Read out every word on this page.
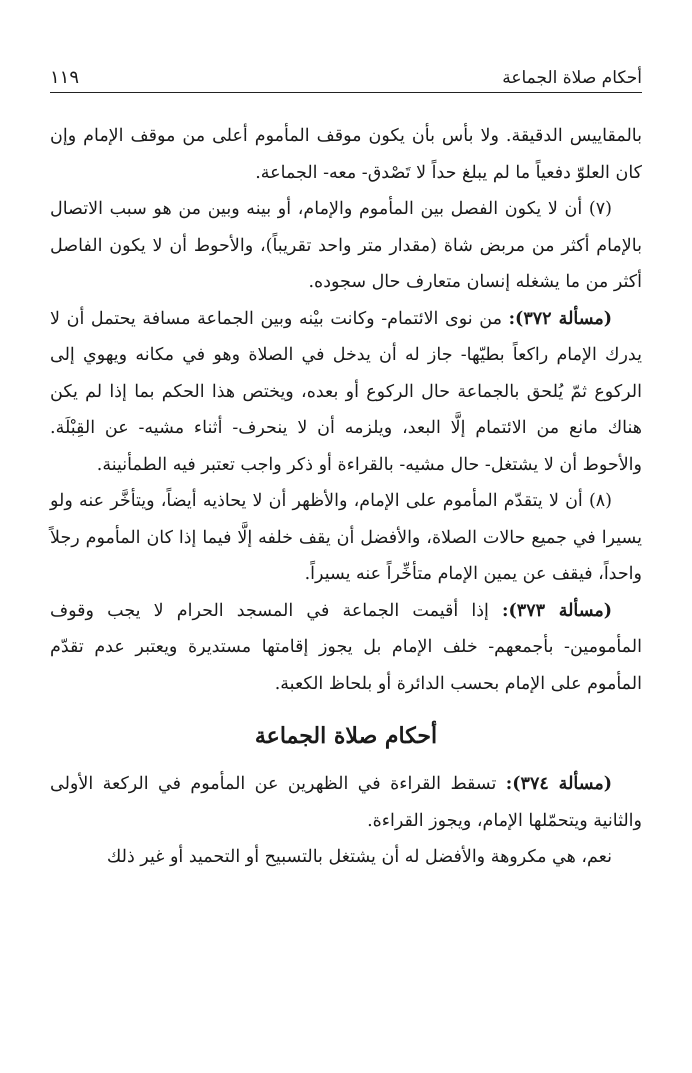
أحكام صلاة الجماعة
١١٩

بالمقاييس الدقيقة. ولا بأس بأن يكون موقف المأموم أعلى من موقف الإمام وإن كان العلوّ دفعياً ما لم يبلغ حداً لا تَصْدق- معه- الجماعة.

(٧) أن لا يكون الفصل بين المأموم والإمام، أو بينه وبين من هو سبب الاتصال بالإمام أكثر من مربض شاة (مقدار متر واحد تقريباً)، والأحوط أن لا يكون الفاصل أكثر من ما يشغله إنسان متعارف حال سجوده.

(مسألة ٣٧٢): من نوى الائتمام- وكانت بيْنه وبين الجماعة مسافة يحتمل أن لا يدرك الإمام راكعاً بطيّها- جاز له أن يدخل في الصلاة وهو في مكانه ويهوي إلى الركوع ثمّ يُلحق بالجماعة حال الركوع أو بعده، ويختص هذا الحكم بما إذا لم يكن هناك مانع من الائتمام إلَّا البعد، ويلزمه أن لا ينحرف- أثناء مشيه- عن القِبْلَة. والأحوط أن لا يشتغل- حال مشيه- بالقراءة أو ذكر واجب تعتبر فيه الطمأنينة.

(٨) أن لا يتقدّم المأموم على الإمام، والأظهر أن لا يحاذيه أيضاً، ويتأخَّر عنه ولو يسيرا في جميع حالات الصلاة، والأفضل أن يقف خلفه إلَّا فيما إذا كان المأموم رجلاً واحداً، فيقف عن يمين الإمام متأخِّراً عنه يسيراً.

(مسألة ٣٧٣): إذا أقيمت الجماعة في المسجد الحرام لا يجب وقوف المأمومين- بأجمعهم- خلف الإمام بل يجوز إقامتها مستديرة ويعتبر عدم تقدّم المأموم على الإمام بحسب الدائرة أو بلحاظ الكعبة.

أحكام صلاة الجماعة

(مسألة ٣٧٤): تسقط القراءة في الظهرين عن المأموم في الركعة الأولى والثانية ويتحمّلها الإمام، ويجوز القراءة.

نعم، هي مكروهة والأفضل له أن يشتغل بالتسبيح أو التحميد أو غير ذلك
